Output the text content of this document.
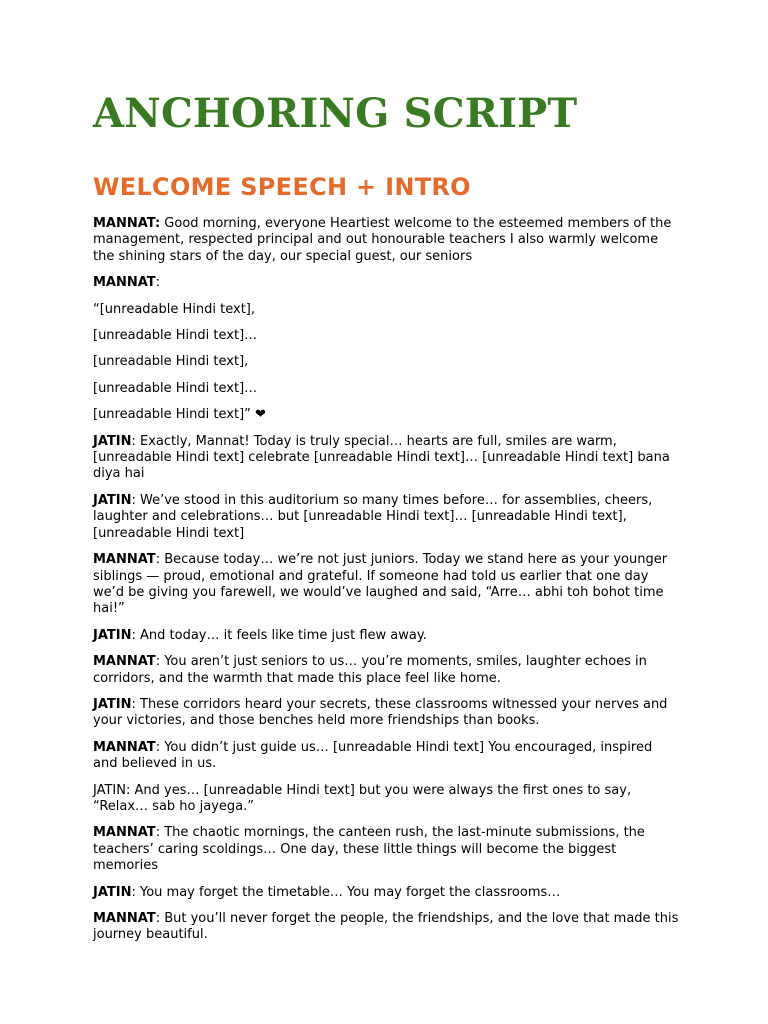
ANCHORING SCRIPT
WELCOME SPEECH + INTRO

MANNAT: Good morning, everyone Heartiest welcome to the esteemed members of the management, respected principal and out honourable teachers I also warmly welcome the shining stars of the day, our special guest, our seniors

MANNAT:

“[unreadable Hindi text],

[unreadable Hindi text]…

[unreadable Hindi text],

[unreadable Hindi text]…

[unreadable Hindi text]” ❤

JATIN: Exactly, Mannat! Today is truly special… hearts are full, smiles are warm, [unreadable Hindi text] celebrate [unreadable Hindi text]… [unreadable Hindi text] bana diya hai

JATIN: We’ve stood in this auditorium so many times before… for assemblies, cheers, laughter and celebrations… but [unreadable Hindi text]… [unreadable Hindi text], [unreadable Hindi text]

MANNAT: Because today… we’re not just juniors. Today we stand here as your younger siblings — proud, emotional and grateful. If someone had told us earlier that one day we’d be giving you farewell, we would’ve laughed and said, “Arre… abhi toh bohot time hai!”

JATIN: And today… it feels like time just flew away.

MANNAT: You aren’t just seniors to us… you’re moments, smiles, laughter echoes in corridors, and the warmth that made this place feel like home.

JATIN: These corridors heard your secrets, these classrooms witnessed your nerves and your victories, and those benches held more friendships than books.

MANNAT: You didn’t just guide us… [unreadable Hindi text] You encouraged, inspired and believed in us.

JATIN: And yes… [unreadable Hindi text] but you were always the first ones to say, “Relax… sab ho jayega.”

MANNAT: The chaotic mornings, the canteen rush, the last-minute submissions, the teachers’ caring scoldings… One day, these little things will become the biggest memories

JATIN: You may forget the timetable… You may forget the classrooms…

MANNAT: But you’ll never forget the people, the friendships, and the love that made this journey beautiful.
